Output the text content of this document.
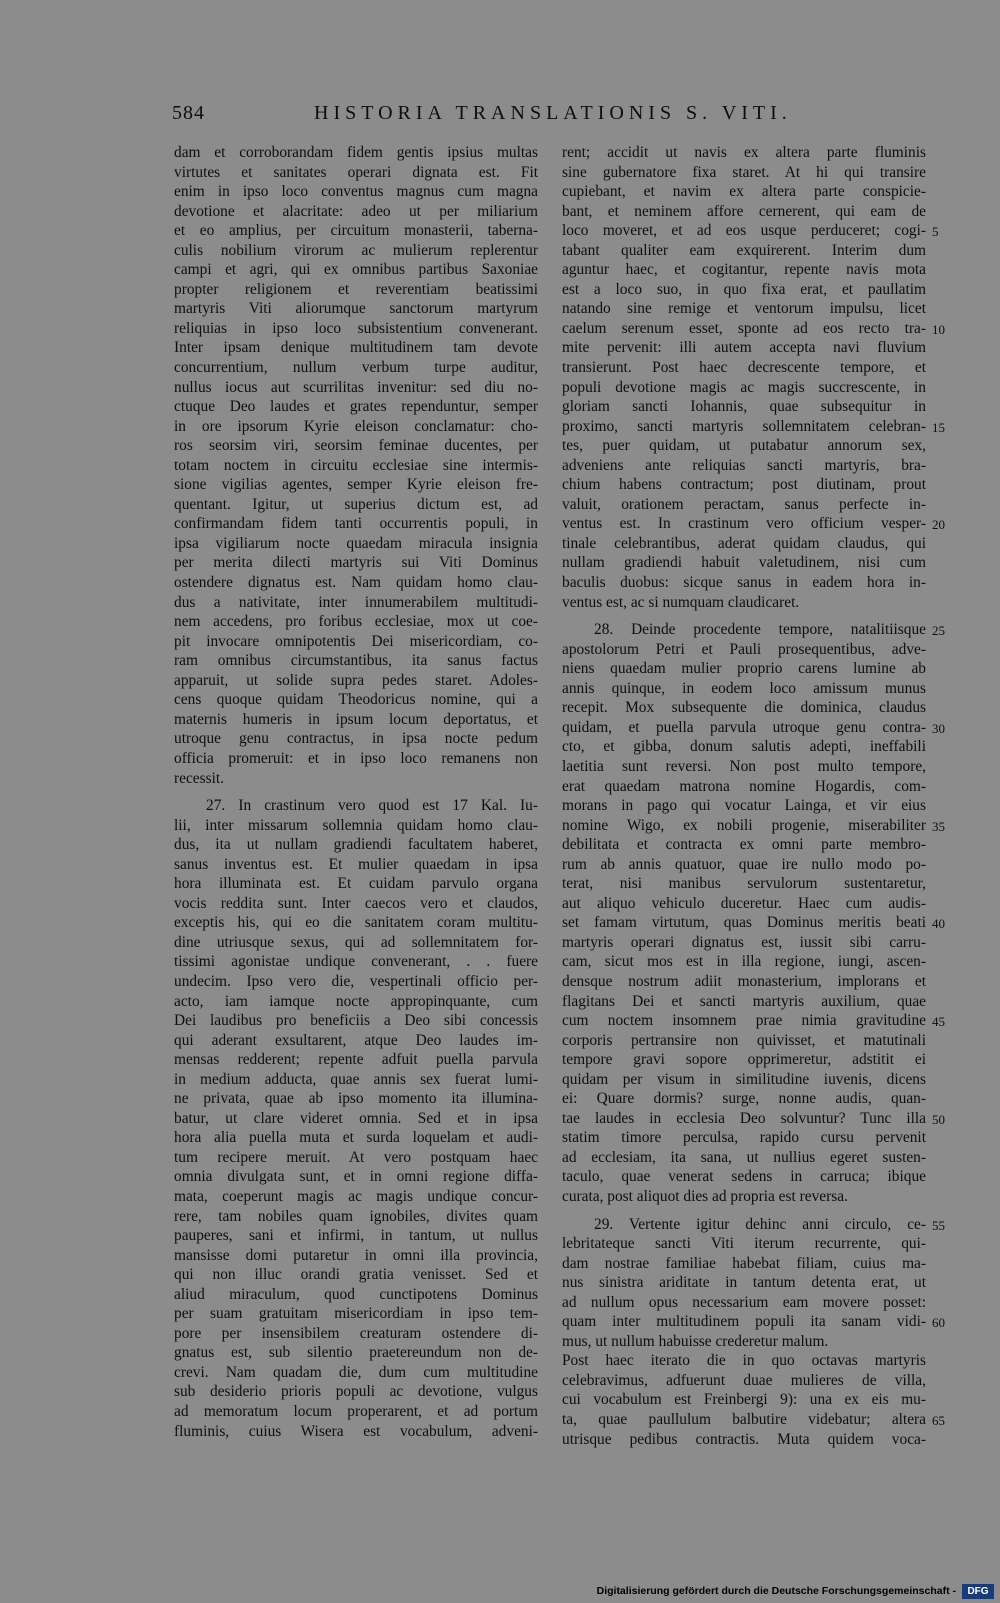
584	HISTORIA TRANSLATIONIS S. VITI.
dam et corroborandam fidem gentis ipsius multas
virtutes et sanitates operari dignata est. Fit
enim in ipso loco conventus magnus cum magna
devotione et alacritate: adeo ut per miliarium
et eo amplius, per circuitum monasterii, taberna-
culis nobilium virorum ac mulierum replerentur
campi et agri, qui ex omnibus partibus Saxoniae
propter religionem et reverentiam beatissimi
martyris Viti aliorumque sanctorum martyrum
reliquias in ipso loco subsistentium convenerant.
Inter ipsam denique multitudinem tam devote
concurrentium, nullum verbum turpe auditur,
nullus iocus aut scurrilitas invenitur: sed diu no-
ctuque Deo laudes et grates rependuntur, semper
in ore ipsorum Kyrie eleison conclamatur: cho-
ros seorsim viri, seorsim feminae ducentes, per
totam noctem in circuitu ecclesiae sine intermis-
sione vigilias agentes, semper Kyrie eleison fre-
quentant. Igitur, ut superius dictum est, ad
confirmandam fidem tanti occurrentis populi, in
ipsa vigiliarum nocte quaedam miracula insignia
per merita dilecti martyris sui Viti Dominus
ostendere dignatus est. Nam quidam homo clau-
dus a nativitate, inter innumerabilem multitudi-
nem accedens, pro foribus ecclesiae, mox ut coe-
pit invocare omnipotentis Dei misericordiam, co-
ram omnibus circumstantibus, ita sanus factus
apparuit, ut solide supra pedes staret. Adoles-
cens quoque quidam Theodoricus nomine, qui a
maternis humeris in ipsum locum deportatus, et
utroque genu contractus, in ipsa nocte pedum
officia promeruit: et in ipso loco remanens non
recessit.
27. In crastinum vero quod est 17 Kal. Iu-
lii, inter missarum sollemnia quidam homo clau-
dus, ita ut nullam gradiendi facultatem haberet,
sanus inventus est. Et mulier quaedam in ipsa
hora illuminata est. Et cuidam parvulo organa
vocis reddita sunt. Inter caecos vero et claudos,
exceptis his, qui eo die sanitatem coram multitu-
dine utriusque sexus, qui ad sollemnitatem for-
tissimi agonistae undique convenerant, . . fuere
undecim. Ipso vero die, vespertinali officio per-
acto, iam iamque nocte appropinquante, cum
Dei laudibus pro beneficiis a Deo sibi concessis
qui aderant exsultarent, atque Deo laudes im-
mensas redderent; repente adfuit puella parvula
in medium adducta, quae annis sex fuerat lumi-
ne privata, quae ab ipso momento ita illumina-
batur, ut clare videret omnia. Sed et in ipsa
hora alia puella muta et surda loquelam et audi-
tum recipere meruit. At vero postquam haec
omnia divulgata sunt, et in omni regione diffa-
mata, coeperunt magis ac magis undique concur-
rere, tam nobiles quam ignobiles, divites quam
pauperes, sani et infirmi, in tantum, ut nullus
mansisse domi putaretur in omni illa provincia,
qui non illuc orandi gratia venisset. Sed et
aliud miraculum, quod cunctipotens Dominus
per suam gratuitam misericordiam in ipso tem-
pore per insensibilem creaturam ostendere di-
gnatus est, sub silentio praetereundum non de-
crevi. Nam quadam die, dum cum multitudine
sub desiderio prioris populi ac devotione, vulgus
ad memoratum locum properarent, et ad portum
fluminis, cuius Wisera est vocabulum, adveni-
rent; accidit ut navis ex altera parte fluminis
sine gubernatore fixa staret. At hi qui transire
cupiebant, et navim ex altera parte conspicie-
bant, et neminem affore cernerent, qui eam de
loco moveret, et ad eos usque perduceret; cogi-
tabant qualiter eam exquirerent. Interim dum
aguntur haec, et cogitantur, repente navis mota
est a loco suo, in quo fixa erat, et paullatim
natando sine remige et ventorum impulsu, licet
caelum serenum esset, sponte ad eos recto tra-
mite pervenit: illi autem accepta navi fluvium
transierunt. Post haec decrescente tempore, et
populi devotione magis ac magis succrescente, in
gloriam sancti Iohannis, quae subsequitur in
proximo, sancti martyris sollemnitatem celebran-
tes, puer quidam, ut putabatur annorum sex,
adveniens ante reliquias sancti martyris, bra-
chium habens contractum; post diutinam, prout
valuit, orationem peractam, sanus perfecte in-
ventus est. In crastinum vero officium vesper-
tinale celebrantibus, aderat quidam claudus, qui
nullam gradiendi habuit valetudinem, nisi cum
baculis duobus: sicque sanus in eadem hora in-
ventus est, ac si numquam claudicaret.
28. Deinde procedente tempore, natalitiisque
apostolorum Petri et Pauli prosequentibus, adve-
niens quaedam mulier proprio carens lumine ab
annis quinque, in eodem loco amissum munus
recepit. Mox subsequente die dominica, claudus
quidam, et puella parvula utroque genu contra-
cto, et gibba, donum salutis adepti, ineffabili
laetitia sunt reversi. Non post multo tempore,
erat quaedam matrona nomine Hogardis, com-
morans in pago qui vocatur Lainga, et vir eius
nomine Wigo, ex nobili progenie, miserabiliter
debilitata et contracta ex omni parte membro-
rum ab annis quatuor, quae ire nullo modo po-
terat, nisi manibus servulorum sustentaretur,
aut aliquo vehiculo duceretur. Haec cum audis-
set famam virtutum, quas Dominus meritis beati
martyris operari dignatus est, iussit sibi carru-
cam, sicut mos est in illa regione, iungi, ascen-
densque nostrum adiit monasterium, implorans et
flagitans Dei et sancti martyris auxilium, quae
cum noctem insomnem prae nimia gravitudine
corporis pertransire non quivisset, et matutinali
tempore gravi sopore opprimeretur, adstitit ei
quidam per visum in similitudine iuvenis, dicens
ei: Quare dormis? surge, nonne audis, quan-
tae laudes in ecclesia Deo solvuntur? Tunc illa
statim timore perculsa, rapido cursu pervenit
ad ecclesiam, ita sana, ut nullius egeret susten-
taculo, quae venerat sedens in carruca; ibique
curata, post aliquot dies ad propria est reversa.
29. Vertente igitur dehinc anni circulo, ce-
lebritateque sancti Viti iterum recurrente, qui-
dam nostrae familiae habebat filiam, cuius ma-
nus sinistra ariditate in tantum detenta erat, ut
ad nullum opus necessarium eam movere posset:
quam inter multitudinem populi ita sanam vidi-
mus, ut nullum habuisse crederetur malum.
Post haec iterato die in quo octavas martyris
celebravimus, adfuerunt duae mulieres de villa,
cui vocabulum est Freinbergi 9): una ex eis mu-
ta, quae paullulum balbutire videbatur; altera
utrisque pedibus contractis. Muta quidem voca-
5
10
15
20
25
30
35
40
45
50
55
60
65
Digitalisierung gefördert durch die Deutsche Forschungsgemeinschaft -	DFG
